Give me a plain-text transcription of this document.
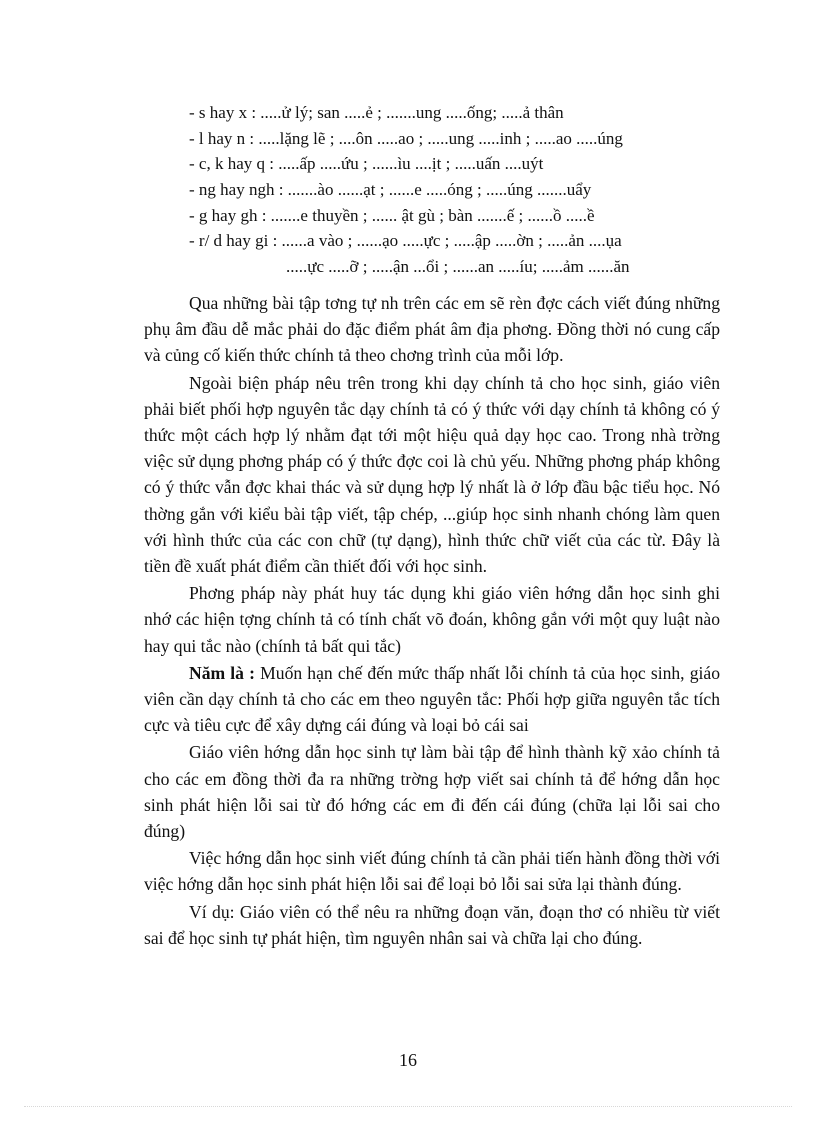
- s hay x : .....ử lý; san .....ẻ ; .......ung .....ống; .....ả thân
- l hay n : .....lặng lẽ ; ....ôn .....ao ; .....ung .....inh ; .....ao .....úng
- c, k hay q : .....ấp .....ứu ; ......ìu ....ịt ; .....uấn ....uýt
- ng hay ngh : .......ào ......ạt ; ......e .....óng ; .....úng .......uẩy
- g hay gh : .......e thuyền ; ...... ật gù ; bàn .......ế ; ......ồ .....ề
- r/ d hay gi : ......a vào ; ......ạo .....ực ; .....ập .....ờn ; .....ản ....ụa
.....ực .....ỡ ; .....ận ...ổi ; ......an .....íu; .....ảm ......ăn

Qua những bài tập tơng tự nh trên các em sẽ rèn đợc cách viết đúng những phụ âm đầu dễ mắc phải do đặc điểm phát âm địa phơng. Đồng thời nó cung cấp và củng cố kiến thức chính tả theo chơng trình của mỗi lớp.

Ngoài biện pháp nêu trên trong khi dạy chính tả cho học sinh, giáo viên phải biết phối hợp nguyên tắc dạy chính tả có ý thức với dạy chính tả không có ý thức một cách hợp lý nhằm đạt tới một hiệu quả dạy học cao. Trong nhà trờng việc sử dụng phơng pháp có ý thức đợc coi là chủ yếu. Những phơng pháp không có ý thức vẫn đợc khai thác và sử dụng hợp lý nhất là ở lớp đầu bậc tiểu học. Nó thờng gắn với kiểu bài tập viết, tập chép, ...giúp học sinh nhanh chóng làm quen với hình thức của các con chữ (tự dạng), hình thức chữ viết của các từ. Đây là tiền đề xuất phát điểm cần thiết đối với học sinh.

Phơng pháp này phát huy tác dụng khi giáo viên hớng dẫn học sinh ghi nhớ các hiện tợng chính tả có tính chất võ đoán, không gắn với một quy luật nào hay qui tắc nào (chính tả bất qui tắc)

Năm là : Muốn hạn chế đến mức thấp nhất lỗi chính tả của học sinh, giáo viên cần dạy chính tả cho các em theo nguyên tắc: Phối hợp giữa nguyên tắc tích cực và tiêu cực để xây dựng cái đúng và loại bỏ cái sai

Giáo viên hớng dẫn học sinh tự làm bài tập để hình thành kỹ xảo chính tả cho các em đồng thời đa ra những trờng hợp viết sai chính tả để hớng dẫn học sinh phát hiện lỗi sai từ đó hớng các em đi đến cái đúng (chữa lại lỗi sai cho đúng)

Việc hớng dẫn học sinh viết đúng chính tả cần phải tiến hành đồng thời với việc hớng dẫn học sinh phát hiện lỗi sai để loại bỏ lỗi sai sửa lại thành đúng.

Ví dụ: Giáo viên có thể nêu ra những đoạn văn, đoạn thơ có nhiều từ viết sai để học sinh tự phát hiện, tìm nguyên nhân sai và chữa lại cho đúng.

16
